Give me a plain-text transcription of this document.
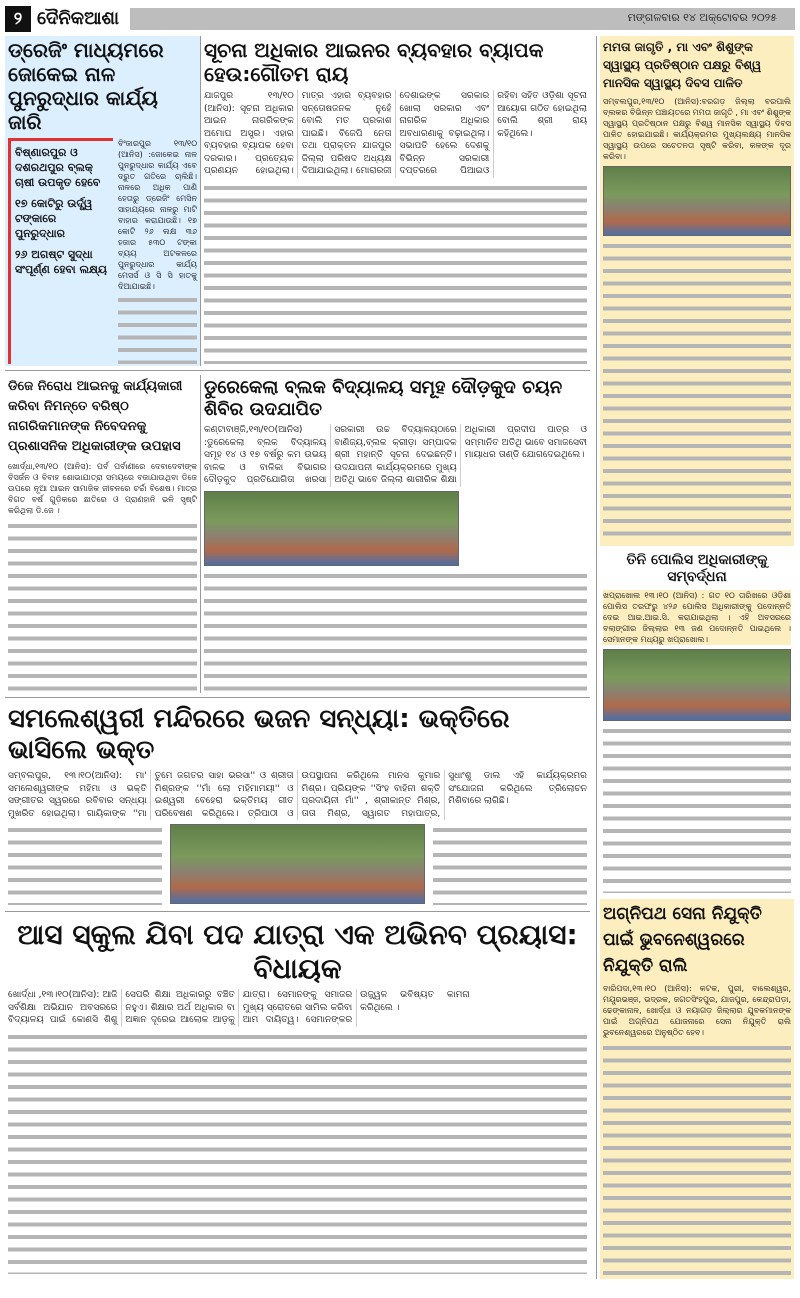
୨ ଦୈନିକଆଶା	ମଙ୍ଗଳବାର ୧୪ ଅକ୍ଟୋବର ୨୦୨୫
ଡ୍ରେଜିଂ ମାଧ୍ୟମରେ ଜୋକେଇ ନାଳ ପୁନରୁଦ୍ଧାର କାର୍ଯ୍ୟ ଜାରି
ବିଷ୍ଣାରପୁର ଓ ଦଶରଥପୁର ବ୍ଲକ୍ ଚାଷୀ ଉପକୃତ ହେବେ
୧୭ କୋଟିରୁ ଉର୍ଦ୍ଧ୍ୱ ଟଙ୍କାରେ ପୁନରୁଦ୍ଧାର
୨୬ ଅଗଷ୍ଟ ସୁଦ୍ଧା ସଂପୂର୍ଣ୍ଣ ହେବା ଲକ୍ଷ୍ୟ
ବିଂଜାରପୁର ୧୩/୧୦ (ଆନିସ) :ଜୋକେଇ ନାଳ ପୁନରୁଦ୍ଧାର କାର୍ଯ୍ୟ ଏବେ ଦ୍ରୁତ ଗତିରେ ଚାଲିଛି। ନାଳରେ ଅଧିକ ପାଣି ହେତାରୁ ଡ୍ରେଜିଂ ମେସିନ ସାହାଯ୍ୟରେ ନାଳରୁ ମାଟି ବାହାର କରାଯାଉଛି। ୧୭ କୋଟି ୨୬ ଲକ୍ଷ ୩୬ ହଜାର ୫୩୦ ଟଙ୍କା ବ୍ୟୟ ଅଟକଳରେ ପୁନରୁଦ୍ଧାର କାର୍ଯ୍ୟ ମେସର୍ସ ଓ ସି ସି ହାତକୁ ଦିଆଯାଇଛି।
ସୂଚନା ଅଧିକାର ଆଇନର ବ୍ୟବହାର ବ୍ୟାପକ ହେଉ:ଗୌତମ ରାୟ
ଯାଜପୁର ୧୩/୧୦ (ଆନିସ): ସୂଚନା ଅଧିକାର ଆଇନ ନାଗରିକଙ୍କ ଅମୋଘ ଅସ୍ତ୍ର। ଏହାର ବ୍ୟବହାର ବ୍ୟାପକ ହେବା ଦରକାର। ପ୍ରତ୍ୟେକ ପ୍ରଣୟନ ହୋଇଥିଲା। ମାତ୍ର ଏହାର ବ୍ୟବହାର ସନ୍ତୋଷଜନକ ନୁହେଁ ବୋଲି ମତ ପ୍ରକାଶ ପାଇଛି। ବିଜେପି ନେତା ତଥା ପ୍ରାକ୍ତନ ଯାଜପୁର ଜିଲ୍ଲା ପରିଷଦ ଅଧ୍ୟକ୍ଷ ଦିଆଯାଇଥିଲା। ମୋରାରଜୀ ଦେଶାଇଙ୍କ ସରକାର ଖୋଲା ସରକାର ଏବଂ ନାଗରିକ ଅଧିକାର ଅବଧାରଣାକୁ ବଢ଼ାଇଥିଲା। ସଭାପତି ହେଲେ ଦେଶକୁ ବିଭିନ୍ନ ସରକାରୀ ଦପ୍ତରରେ ପିଆଇଓ ରହିବା ସହିତ ଓଡ଼ିଶା ସୂଚନା ଆୟୋଗ ଗଠିତ ହୋଇଥିଲା ବୋଲି ଶ୍ରୀ ରାୟ କହିଥିଲେ।
ଡିଜେ ନିରୋଧ ଆଇନକୁ କାର୍ଯ୍ୟକାରୀ କରିବା ନିମନ୍ତେ ବରିଷ୍ଠ ନାଗରିକମାନଙ୍କ ନିବେଦନକୁ ପ୍ରଶାସନିକ ଅଧିକାରୀଙ୍କ ଉପହାସ
ଖୋର୍ଦ୍ଧା,୧୩/୧୦ (ଆନିସ): ପର୍ବ ପର୍ବାଣୀରେ ଦେବାଦେବୀଙ୍କ ବିସର୍ଜନ ଓ ବିବାହ ଶୋଭାଯାତ୍ରା ସମୟରେ ବଜାଯାଉଥିବା ଡିଜେ ଉପରେ ନୂଆ ଆଇନ ସାମାଜିକ ଜୀବନରେ ଚର୍ଚ୍ଚା ବିଶେଷ। ମାତ୍ର ବିଗତ ବର୍ଷ ଗୁଡ଼ିକରେ ଛାତିରେ ଓ ପ୍ରାଣହାନି ଭଳି ସୃଷ୍ଟି କରିଥିଲା ଡି.ଜେ ।
ଡୁରେକେଲା ବ୍ଲକ ବିଦ୍ୟାଳୟ ସମୂହ ଦୌଡ଼କୁଦ ଚୟନ ଶିବିର ଉଦଯାପିତ
କଣ୍ଟାବାଞ୍ଜି,୧୩/୧୦(ଆନିସ) :ଡୁରେକେଲା ବ୍ଲକ ବିଦ୍ୟାଳୟ ସମୂହ ୧୪ ଓ ୧୭ ବର୍ଷରୁ କମ ଉଭୟ ବାଳକ ଓ ବାଳିକା ବିଭାଗର ଦୌଡ଼କୁଦ ପ୍ରତିଯୋଗିତା ଖରସା ସରକାରୀ ଉଚ୍ଚ ବିଦ୍ୟାଳୟଠାରେ ବାଣିଜ୍ୟ,ବ୍ଲକ କ୍ରୀଡ଼ା ସମ୍ପାଦକ ଶ୍ରୀ ମହାନ୍ତି ସୂଚନା ଦେଇଛନ୍ତି। ଉଦଯାପନୀ କାର୍ଯ୍ୟକ୍ରମରେ ମୁଖ୍ୟ ଅତିଥି ଭାବେ ଜିଲ୍ଲା ଶାରୀରିକ ଶିକ୍ଷା ଅଧିକାରୀ ପ୍ରଦୀପ ପାତ୍ର ଓ ସମ୍ମାନିତ ଅତିଥି ଭାବେ ସମାଜସେବୀ ମାୟାଧର ତାଣ୍ଡି ଯୋଗଦେଇଥିଲେ।
ସମଲେଶ୍ୱରୀ ମନ୍ଦିରରେ ଭଜନ ସନ୍ଧ୍ୟା: ଭକ୍ତିରେ ଭାସିଲେ ଭକ୍ତ
ସମ୍ବଲପୁର, ୧୩।୧୦(ଆନିସ): ମା' ସମଲେଶ୍ୱରୀଙ୍କ ମହିମା ଓ ଭକ୍ତି ସଙ୍ଗୀତର ସ୍ୱରରେ ରବିବାର ସନ୍ଧ୍ୟା ମୁଖରିତ ହୋଇଥିଲା। ଗାୟିକାଙ୍କ ''ମା ତୁମେ ଜଗତର ସାହା ଭରସା'' ଓ ଶ୍ରୀତା ମିଶ୍ରଙ୍କ ''ମାଁ ଲୋ ମହିମାମୟୀ'' ଓ ଇଶ୍ୱରୀ ବେହେରା ଭକ୍ତିମୟ ଗୀତ ପରିବେଷଣ କରିଥିଲେ। ତ୍ରିପାଠୀ ଓ ଉପସ୍ଥାପନା କରିଥିଲେ ମାନସ କୁମାର ମିଶ୍ର। ପ୍ରିୟଙ୍କ ''ସିଂହ ବାହିନୀ ଶକ୍ତି ପ୍ରଦାୟିନୀ ମାଁ'' , ଶ୍ରୀକାନ୍ତ ମିଶ୍ର, ତାତା ମିଶ୍ର, ସ୍ୱାଗତ ମହାପାତ୍ର, ସୁଧାଂଶୁ ଡାଲ ଏହି କାର୍ଯ୍ୟକ୍ରମର ସଂଯୋଜନା କରିଥିଲେ ତ୍ରିଲୋଚନ ମିଶିବାରେ ଲାଗିଛି।
ଆସ ସ୍କୁଲ ଯିବା ପଦ ଯାତ୍ରା ଏକ ଅଭିନବ ପ୍ରୟାସ: ବିଧାୟକ
ଖୋର୍ଦ୍ଧା ,୧୩।୧୦(ଆନିସ): ଆଜି ସର୍ବଶିକ୍ଷା ଅଭିଯାନ ଅବସରରେ ବିଦ୍ୟାଳୟ ପାଇଁ କୋଣସି ଶିଶୁ ସେପରି ଶିକ୍ଷା ଅଧିକାରରୁ ବଞ୍ଚିତ ନହୁଏ। ଶିକ୍ଷାର ଅର୍ଥ ଅଧିକାର ବା ଅଜ୍ଞାନ ଦୂରେଇ ଆଲୋକ ଆଡ଼କୁ ଯାତ୍ରା। ସେମାନଙ୍କୁ ସମାଜର ମୁଖ୍ୟ ସ୍ରୋତରେ ସାମିଲ କରିବା ଆମ ଦାୟିତ୍ୱ। ସେମାନଙ୍କର ଉଜ୍ଜ୍ୱଳ ଭବିଷ୍ୟତ କାମନା କରିଥିଲେ ।
ମମତା ଜାଗୃତି , ମା ଏବଂ ଶିଶୁଙ୍କ ସ୍ୱାସ୍ଥ୍ୟ ପ୍ରତିଷ୍ଠାନ ପକ୍ଷରୁ ବିଶ୍ୱ ମାନସିକ ସ୍ୱାସ୍ଥ୍ୟ ଦିବସ ପାଳିତ
ସମ୍ବଲପୁର,୧୩/୧୦ (ଆନିସ):ବରଗଡ଼ ଜିଲ୍ଲା ବରପାଲି ବ୍ଲକର ବିଭିନ୍ନ ପଞ୍ଚାୟତରେ ମମତା ଜାଗୃତି , ମା ଏବଂ ଶିଶୁଙ୍କ ସ୍ୱାସ୍ଥ୍ୟ ପ୍ରତିଷ୍ଠାନ ପକ୍ଷରୁ ବିଶ୍ୱ ମାନସିକ ସ୍ୱାସ୍ଥ୍ୟ ଦିବସ ପାଳିତ ହୋଇଯାଇଛି। କାର୍ଯ୍ୟକ୍ରମର ମୁଖ୍ୟଲକ୍ଷ୍ୟ ମାନସିକ ସ୍ୱାସ୍ଥ୍ୟ ଉପରେ ସଚେତନତା ସୃଷ୍ଟି କରିବା, କଳଙ୍କ ଦୂର କରିବା।
ତିନି ପୋଲିସ ଅଧିକାରୀଙ୍କୁ ସମ୍ବର୍ଦ୍ଧନା
ଖପ୍ରାଖୋଲ ୧୩।୧୦ (ଆନିସ) : ଗତ ୧୦ ତାରିଖରେ ଓଡ଼ିଶା ପୋଲିସ ତରଫରୁ ୪୨୬ ପୋଲିସ ଅଧିକାରୀଙ୍କୁ ପଦୋନ୍ନତି ଦେଇ ଆଇ.ଆଇ.ସି. କରାଯାଇଥିଲା । ଏହି ଅବସରରେ ବଲାଙ୍ଗୀର ଜିଲ୍ଲାର ୧୩ ଜଣ ପଦୋନ୍ନତି ପାଇଥିଲେ । ସେମାନଙ୍କ ମଧ୍ୟରୁ ଖପ୍ରାଖୋଲ।
ଅଗ୍ନିପଥ ସେନା ନିଯୁକ୍ତି ପାଇଁ ଭୁବନେଶ୍ୱରରେ ନିଯୁକ୍ତି ରାଲି
ବାରିପଦା,୧୩।୧୦ (ଆନିସ): କଟକ, ପୁରୀ, ବାଲେଶ୍ୱର, ମୟୂରଭଞ୍ଜ, ଭଦ୍ରକ, ଜଗତସିଂହପୁର, ଯାଜପୁର, କେନ୍ଦ୍ରାପଡ଼ା, ଢେଙ୍କାନାଳ, ଖୋର୍ଦ୍ଧା ଓ ନୟାଗଡ଼ ଜିଲ୍ଲାର ଯୁବକମାନଙ୍କ ପାଇଁ ଅଗ୍ନିପଥ ଯୋଜନାରେ ସେନା ନିଯୁକ୍ତି ରାଲି ଭୁବନେଶ୍ୱରରେ ଅନୁଷ୍ଠିତ ହେବ।
